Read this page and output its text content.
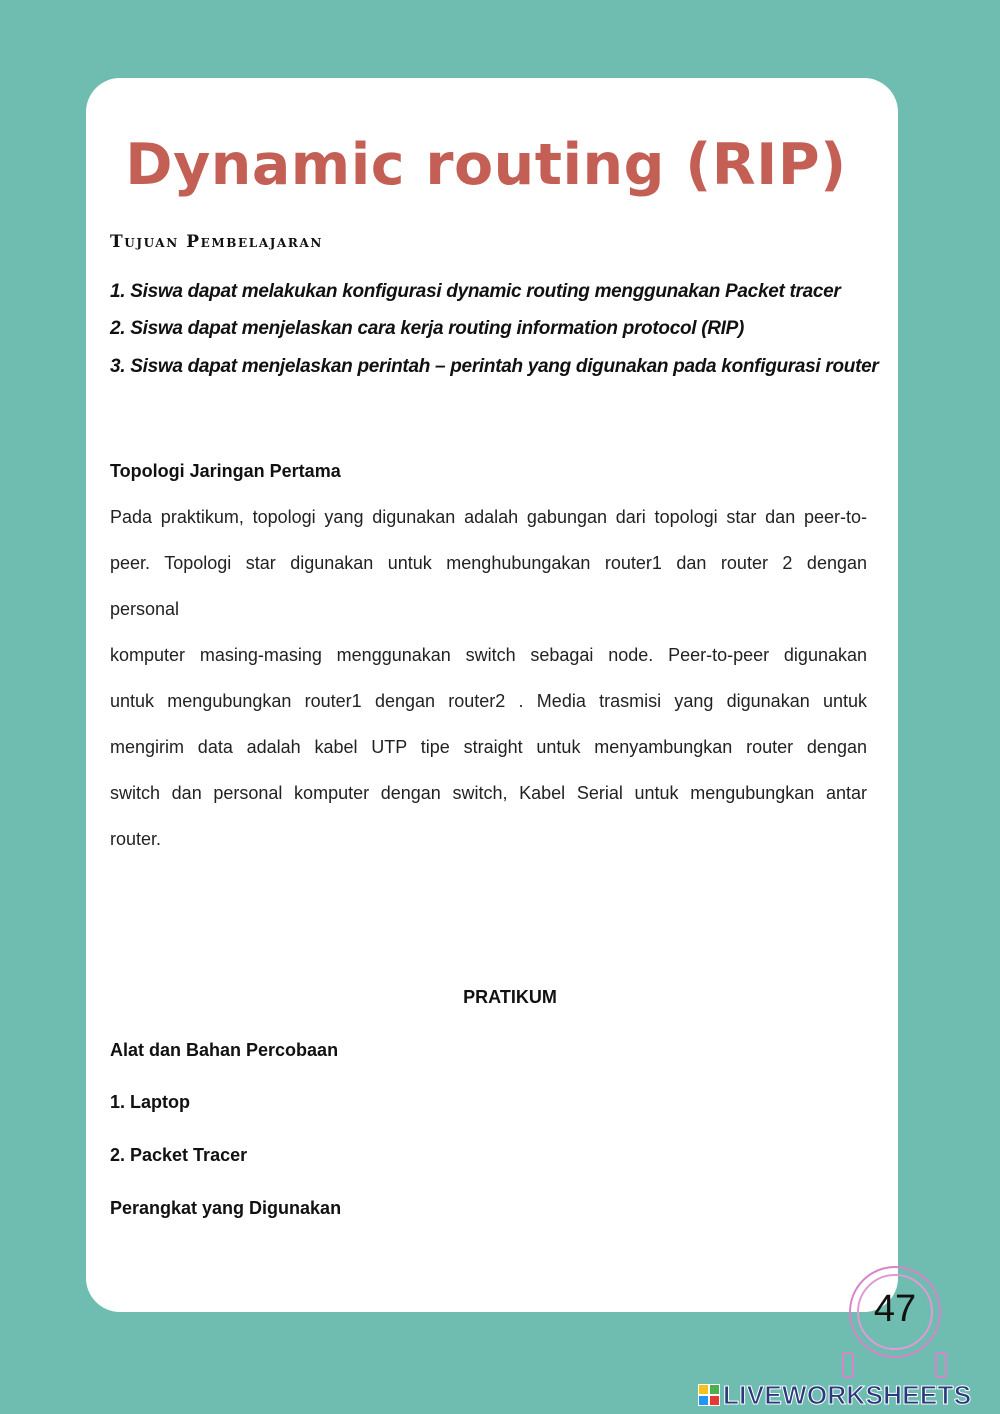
Dynamic routing (RIP)
Tujuan Pembelajaran

1. Siswa dapat melakukan konfigurasi dynamic routing menggunakan Packet tracer

2. Siswa dapat menjelaskan cara kerja routing information protocol (RIP)

3. Siswa dapat menjelaskan perintah – perintah yang digunakan pada konfigurasi router

Topologi Jaringan Pertama

Pada praktikum, topologi yang digunakan adalah gabungan dari topologi star dan peer-to-

peer. Topologi star digunakan untuk menghubungakan router1 dan router 2 dengan

personal

komputer masing-masing menggunakan switch sebagai node. Peer-to-peer digunakan

untuk mengubungkan router1 dengan router2 . Media trasmisi yang digunakan untuk

mengirim data adalah kabel UTP tipe straight untuk menyambungkan router dengan

switch dan personal komputer dengan switch, Kabel Serial untuk mengubungkan antar

router.

PRATIKUM
Alat dan Bahan Percobaan

1. Laptop

2. Packet Tracer

Perangkat yang Digunakan
47
LIVEWORKSHEETS
